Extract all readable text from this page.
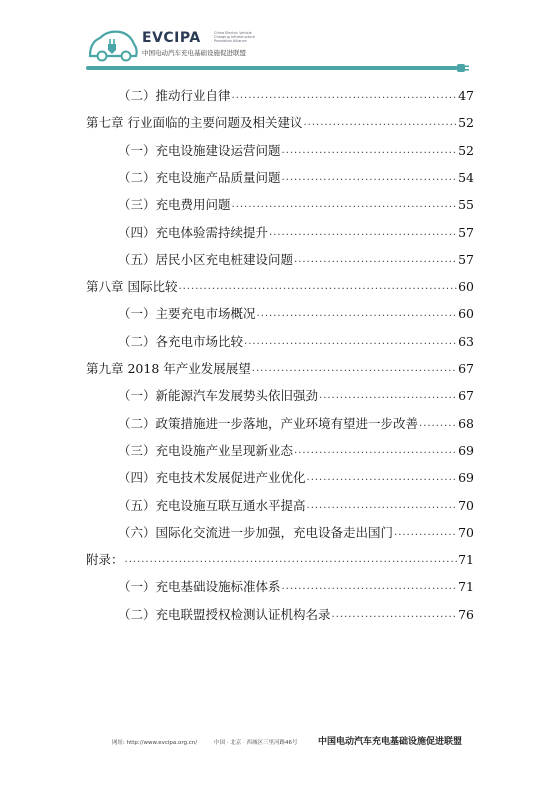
EVCIPA	China Electric Vehicle
Charging Infrastructure
Promotion Alliance
中国电动汽车充电基础设施促进联盟
（二）推动行业自律 .....	47
第七章 行业面临的主要问题及相关建议 .....	52
（一）充电设施建设运营问题 .....	52
（二）充电设施产品质量问题 .....	54
（三）充电费用问题 .....	55
（四）充电体验需持续提升 .....	57
（五）居民小区充电桩建设问题 .....	57
第八章 国际比较 .....	60
（一）主要充电市场概况 .....	60
（二）各充电市场比较 .....	63
第九章 2018 年产业发展展望 .....	67
（一）新能源汽车发展势头依旧强劲 .....	67
（二）政策措施进一步落地，产业环境有望进一步改善 .....	68
（三）充电设施产业呈现新业态 .....	69
（四）充电技术发展促进产业优化 .....	69
（五）充电设施互联互通水平提高 .....	70
（六）国际化交流进一步加强，充电设备走出国门 .....	70
附录： .....	71
（一）充电基础设施标准体系 .....	71
（二）充电联盟授权检测认证机构名录 .....	76
网址: http://www.evcipa.org.cn/	中国 · 北京 · 西城区三里河路46号 中国电动汽车充电基础设施促进联盟
